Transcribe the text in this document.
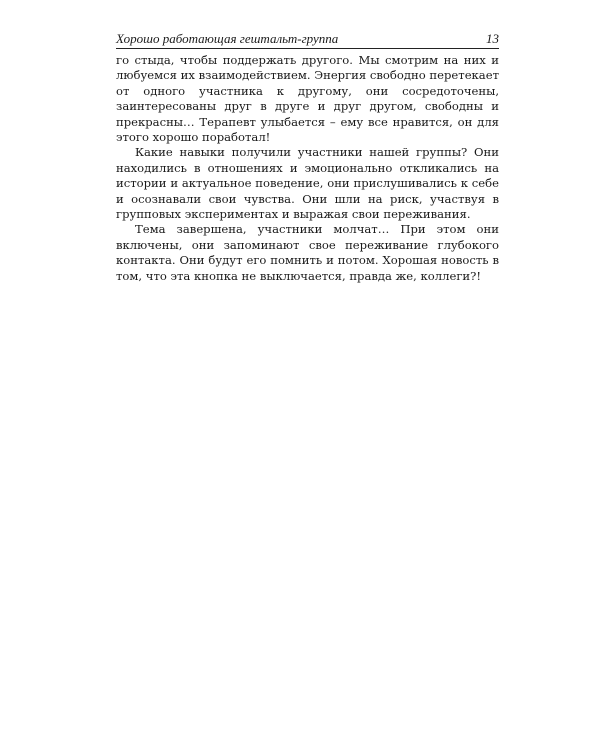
Хорошо работающая гештальт-группа	13

го стыда, чтобы поддержать другого. Мы смотрим на них и любуемся их взаимодействием. Энергия свободно перетекает от одного участника к другому, они сосредоточены, заинтересованы друг в друге и друг другом, свободны и прекрасны… Терапевт улыбается – ему все нравится, он для этого хорошо поработал!

Какие навыки получили участники нашей группы? Они находились в отношениях и эмоционально откликались на истории и актуальное поведение, они прислушивались к себе и осознавали свои чувства. Они шли на риск, участвуя в групповых экспериментах и выражая свои переживания.

Тема завершена, участники молчат… При этом они включены, они запоминают свое переживание глубокого контакта. Они будут его помнить и потом. Хорошая новость в том, что эта кнопка не выключается, правда же, коллеги?!
